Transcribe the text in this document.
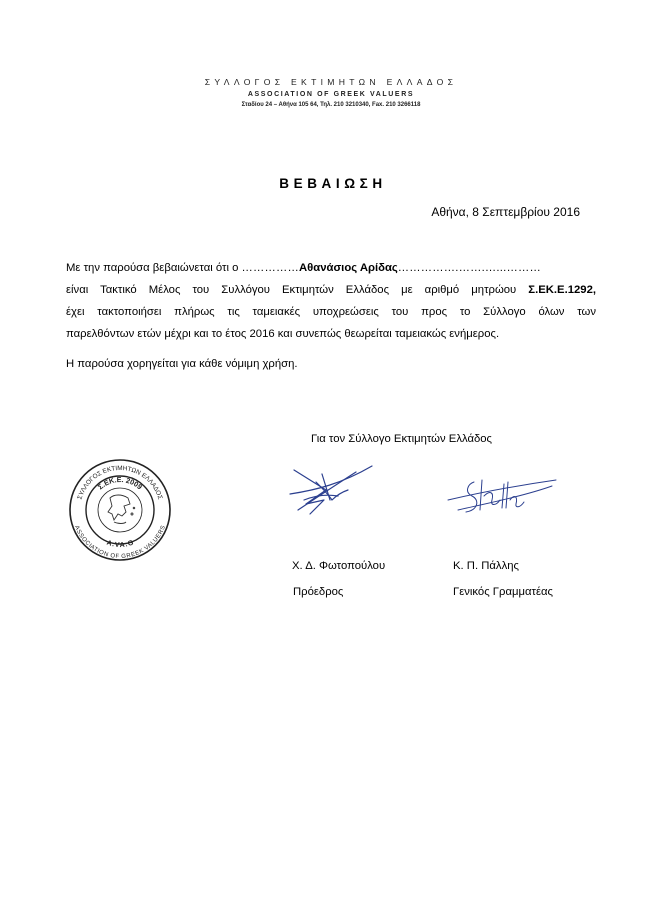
ΣΥΛΛΟΓΟΣ ΕΚΤΙΜΗΤΩΝ ΕΛΛΑΔΟΣ
ASSOCIATION OF GREEK VALUERS
Σταδίου 24 – Αθήνα 105 64, Τηλ. 210 3210340, Fax. 210 3266118
ΒΕΒΑΙΩΣΗ
Αθήνα, 8 Σεπτεμβρίου 2016
Με την παρούσα βεβαιώνεται ότι ο ……………Αθανάσιος Αρίδας…………….…….…...………
είναι Τακτικό Μέλος του Συλλόγου Εκτιμητών Ελλάδος με αριθμό μητρώου Σ.ΕΚ.Ε.1292,
έχει τακτοποιήσει πλήρως τις ταμειακές υποχρεώσεις του προς το Σύλλογο όλων των
παρελθόντων ετών μέχρι και το έτος 2016 και συνεπώς θεωρείται ταμειακώς ενήμερος.
Η παρούσα χορηγείται για κάθε νόμιμη χρήση.
Για τον Σύλλογο Εκτιμητών Ελλάδος
ΣΥΛΛΟΓΟΣ ΕΚΤΙΜΗΤΩΝ ΕΛΛΑΔΟΣ
ASSOCIATION OF GREEK VALUERS
Σ.ΕΚ.Ε. 2009
A.VA.G
Χ. Δ. Φωτοπούλου	Κ. Π. Πάλλης
Πρόεδρος	Γενικός Γραμματέας
